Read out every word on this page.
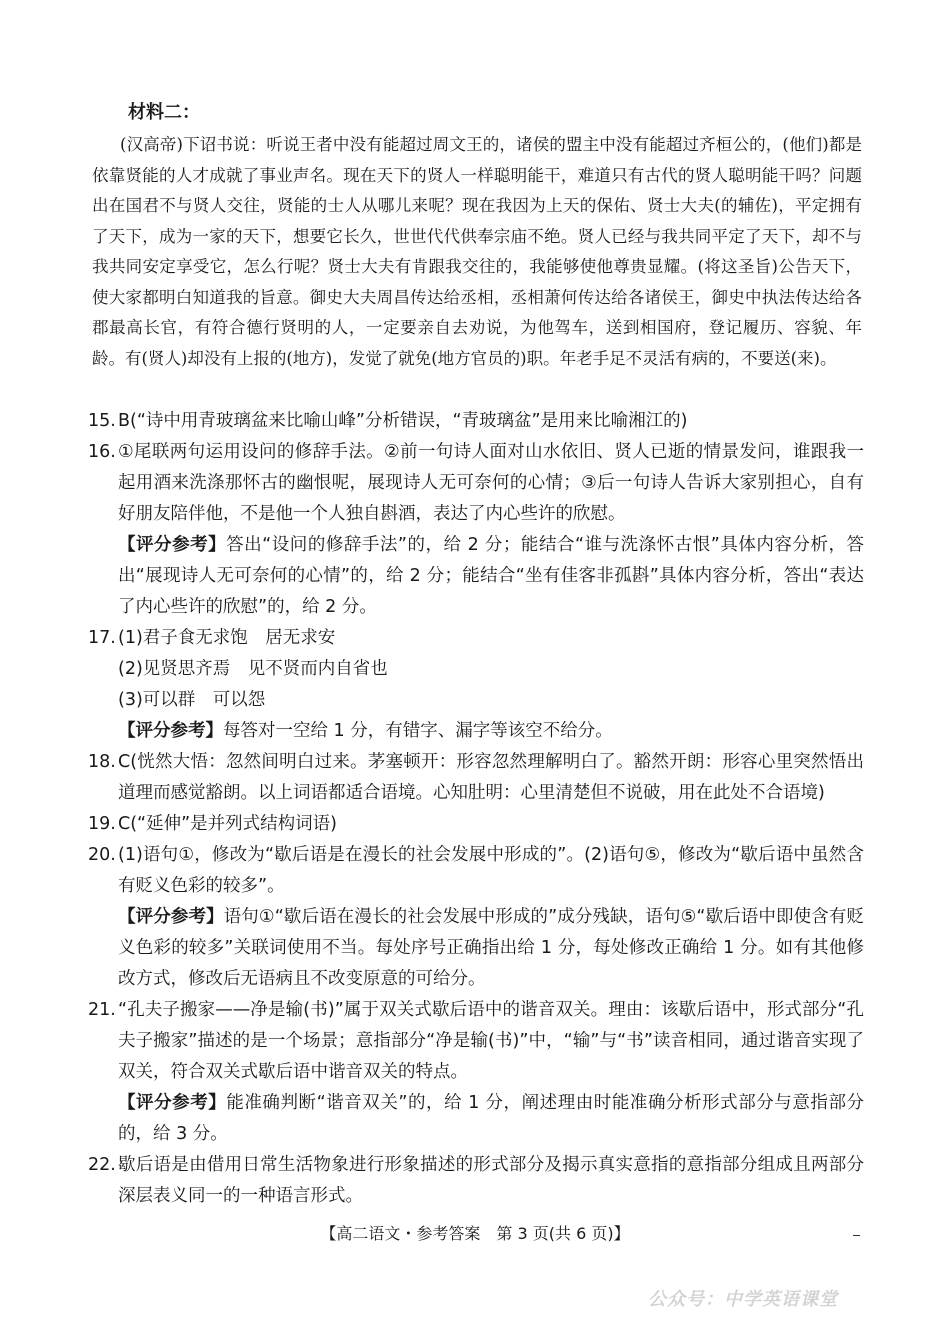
材料二：

(汉高帝)下诏书说：听说王者中没有能超过周文王的，诸侯的盟主中没有能超过齐桓公的，(他们)都是依靠贤能的人才成就了事业声名。现在天下的贤人一样聪明能干，难道只有古代的贤人聪明能干吗？问题出在国君不与贤人交往，贤能的士人从哪儿来呢？现在我因为上天的保佑、贤士大夫(的辅佐)，平定拥有了天下，成为一家的天下，想要它长久，世世代代供奉宗庙不绝。贤人已经与我共同平定了天下，却不与我共同安定享受它，怎么行呢？贤士大夫有肯跟我交往的，我能够使他尊贵显耀。(将这圣旨)公告天下，使大家都明白知道我的旨意。御史大夫周昌传达给丞相，丞相萧何传达给各诸侯王，御史中执法传达给各郡最高长官，有符合德行贤明的人，一定要亲自去劝说，为他驾车，送到相国府，登记履历、容貌、年龄。有(贤人)却没有上报的(地方)，发觉了就免(地方官员的)职。年老手足不灵活有病的，不要送(来)。

15. B(“诗中用青玻璃盆来比喻山峰”分析错误，“青玻璃盆”是用来比喻湘江的)
16. ①尾联两句运用设问的修辞手法。②前一句诗人面对山水依旧、贤人已逝的情景发问，谁跟我一起用酒来洗涤那怀古的幽恨呢，展现诗人无可奈何的心情；③后一句诗人告诉大家别担心，自有好朋友陪伴他，不是他一个人独自斟酒，表达了内心些许的欣慰。
【评分参考】答出“设问的修辞手法”的，给 2 分；能结合“谁与洗涤怀古恨”具体内容分析，答出“展现诗人无可奈何的心情”的，给 2 分；能结合“坐有佳客非孤斟”具体内容分析，答出“表达了内心些许的欣慰”的，给 2 分。
17. (1)君子食无求饱　居无求安
(2)见贤思齐焉　见不贤而内自省也
(3)可以群　可以怨
【评分参考】每答对一空给 1 分，有错字、漏字等该空不给分。
18. C(恍然大悟：忽然间明白过来。茅塞顿开：形容忽然理解明白了。豁然开朗：形容心里突然悟出道理而感觉豁朗。以上词语都适合语境。心知肚明：心里清楚但不说破，用在此处不合语境)
19. C(“延伸”是并列式结构词语)
20. (1)语句①，修改为“歇后语是在漫长的社会发展中形成的”。(2)语句⑤，修改为“歇后语中虽然含有贬义色彩的较多”。
【评分参考】语句①“歇后语在漫长的社会发展中形成的”成分残缺，语句⑤“歇后语中即使含有贬义色彩的较多”关联词使用不当。每处序号正确指出给 1 分，每处修改正确给 1 分。如有其他修改方式，修改后无语病且不改变原意的可给分。
21. “孔夫子搬家——净是输(书)”属于双关式歇后语中的谐音双关。理由：该歇后语中，形式部分“孔夫子搬家”描述的是一个场景；意指部分“净是输(书)”中，“输”与“书”读音相同，通过谐音实现了双关，符合双关式歇后语中谐音双关的特点。
【评分参考】能准确判断“谐音双关”的，给 1 分，阐述理由时能准确分析形式部分与意指部分的，给 3 分。
22. 歇后语是由借用日常生活物象进行形象描述的形式部分及揭示真实意指的意指部分组成且两部分深层表义同一的一种语言形式。
【高二语文・参考答案　第 3 页(共 6 页)】
公众号：中学英语课堂
